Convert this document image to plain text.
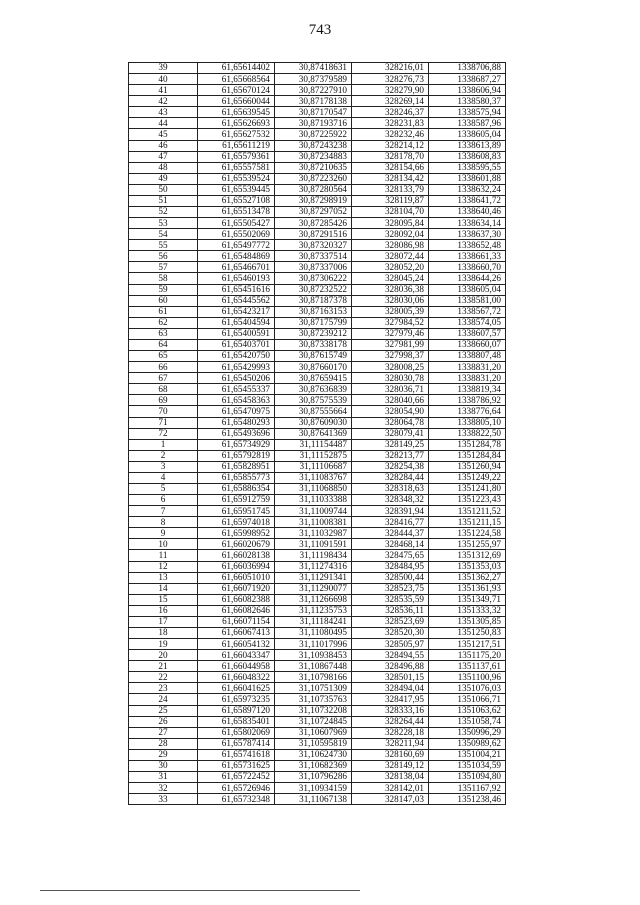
743
39	61,65614402	30,87418631	328216,01	1338706,88
40	61,65668564	30,87379589	328276,73	1338687,27
41	61,65670124	30,87227910	328279,90	1338606,94
42	61,65660044	30,87178138	328269,14	1338580,37
43	61,65639545	30,87170547	328246,37	1338575,94
44	61,65626693	30,87193716	328231,83	1338587,96
45	61,65627532	30,87225922	328232,46	1338605,04
46	61,65611219	30,87243238	328214,12	1338613,89
47	61,65579361	30,87234883	328178,70	1338608,83
48	61,65557581	30,87210635	328154,66	1338595,55
49	61,65539524	30,87223260	328134,42	1338601,88
50	61,65539445	30,87280564	328133,79	1338632,24
51	61,65527108	30,87298919	328119,87	1338641,72
52	61,65513478	30,87297052	328104,70	1338640,46
53	61,65505427	30,87285426	328095,84	1338634,14
54	61,65502069	30,87291516	328092,04	1338637,30
55	61,65497772	30,87320327	328086,98	1338652,48
56	61,65484869	30,87337514	328072,44	1338661,33
57	61,65466701	30,87337006	328052,20	1338660,70
58	61,65460193	30,87306222	328045,24	1338644,26
59	61,65451616	30,87232522	328036,38	1338605,04
60	61,65445562	30,87187378	328030,06	1338581,00
61	61,65423217	30,87163153	328005,39	1338567,72
62	61,65404594	30,87175799	327984,52	1338574,05
63	61,65400591	30,87239212	327979,46	1338607,57
64	61,65403701	30,87338178	327981,99	1338660,07
65	61,65420750	30,87615749	327998,37	1338807,48
66	61,65429993	30,87660170	328008,25	1338831,20
67	61,65450206	30,87659415	328030,78	1338831,20
68	61,65455337	30,87636839	328036,71	1338819,34
69	61,65458363	30,87575539	328040,66	1338786,92
70	61,65470975	30,87555664	328054,90	1338776,64
71	61,65480293	30,87609030	328064,78	1338805,10
72	61,65493696	30,87641369	328079,41	1338822,50
1	61,65734929	31,11154487	328149,25	1351284,78
2	61,65792819	31,11152875	328213,77	1351284,84
3	61,65828951	31,11106687	328254,38	1351260,94
4	61,65855773	31,11083767	328284,44	1351249,22
5	61,65886354	31,11068850	328318,63	1351241,80
6	61,65912759	31,11033388	328348,32	1351223,43
7	61,65951745	31,11009744	328391,94	1351211,52
8	61,65974018	31,11008381	328416,77	1351211,15
9	61,65998952	31,11032987	328444,37	1351224,58
10	61,66020679	31,11091591	328468,14	1351255,97
11	61,66028138	31,11198434	328475,65	1351312,69
12	61,66036994	31,11274316	328484,95	1351353,03
13	61,66051010	31,11291341	328500,44	1351362,27
14	61,66071920	31,11290077	328523,75	1351361,93
15	61,66082388	31,11266698	328535,59	1351349,71
16	61,66082646	31,11235753	328536,11	1351333,32
17	61,66071154	31,11184241	328523,69	1351305,85
18	61,66067413	31,11080495	328520,30	1351250,83
19	61,66054132	31,11017996	328505,97	1351217,51
20	61,66043347	31,10938453	328494,55	1351175,20
21	61,66044958	31,10867448	328496,88	1351137,61
22	61,66048322	31,10798166	328501,15	1351100,96
23	61,66041625	31,10751309	328494,04	1351076,03
24	61,65973235	31,10735763	328417,95	1351066,71
25	61,65897120	31,10732208	328333,16	1351063,62
26	61,65835401	31,10724845	328264,44	1351058,74
27	61,65802069	31,10607969	328228,18	1350996,29
28	61,65787414	31,10595819	328211,94	1350989,62
29	61,65741618	31,10624730	328160,69	1351004,21
30	61,65731625	31,10682369	328149,12	1351034,59
31	61,65722452	31,10796286	328138,04	1351094,80
32	61,65726946	31,10934159	328142,01	1351167,92
33	61,65732348	31,11067138	328147,03	1351238,46
